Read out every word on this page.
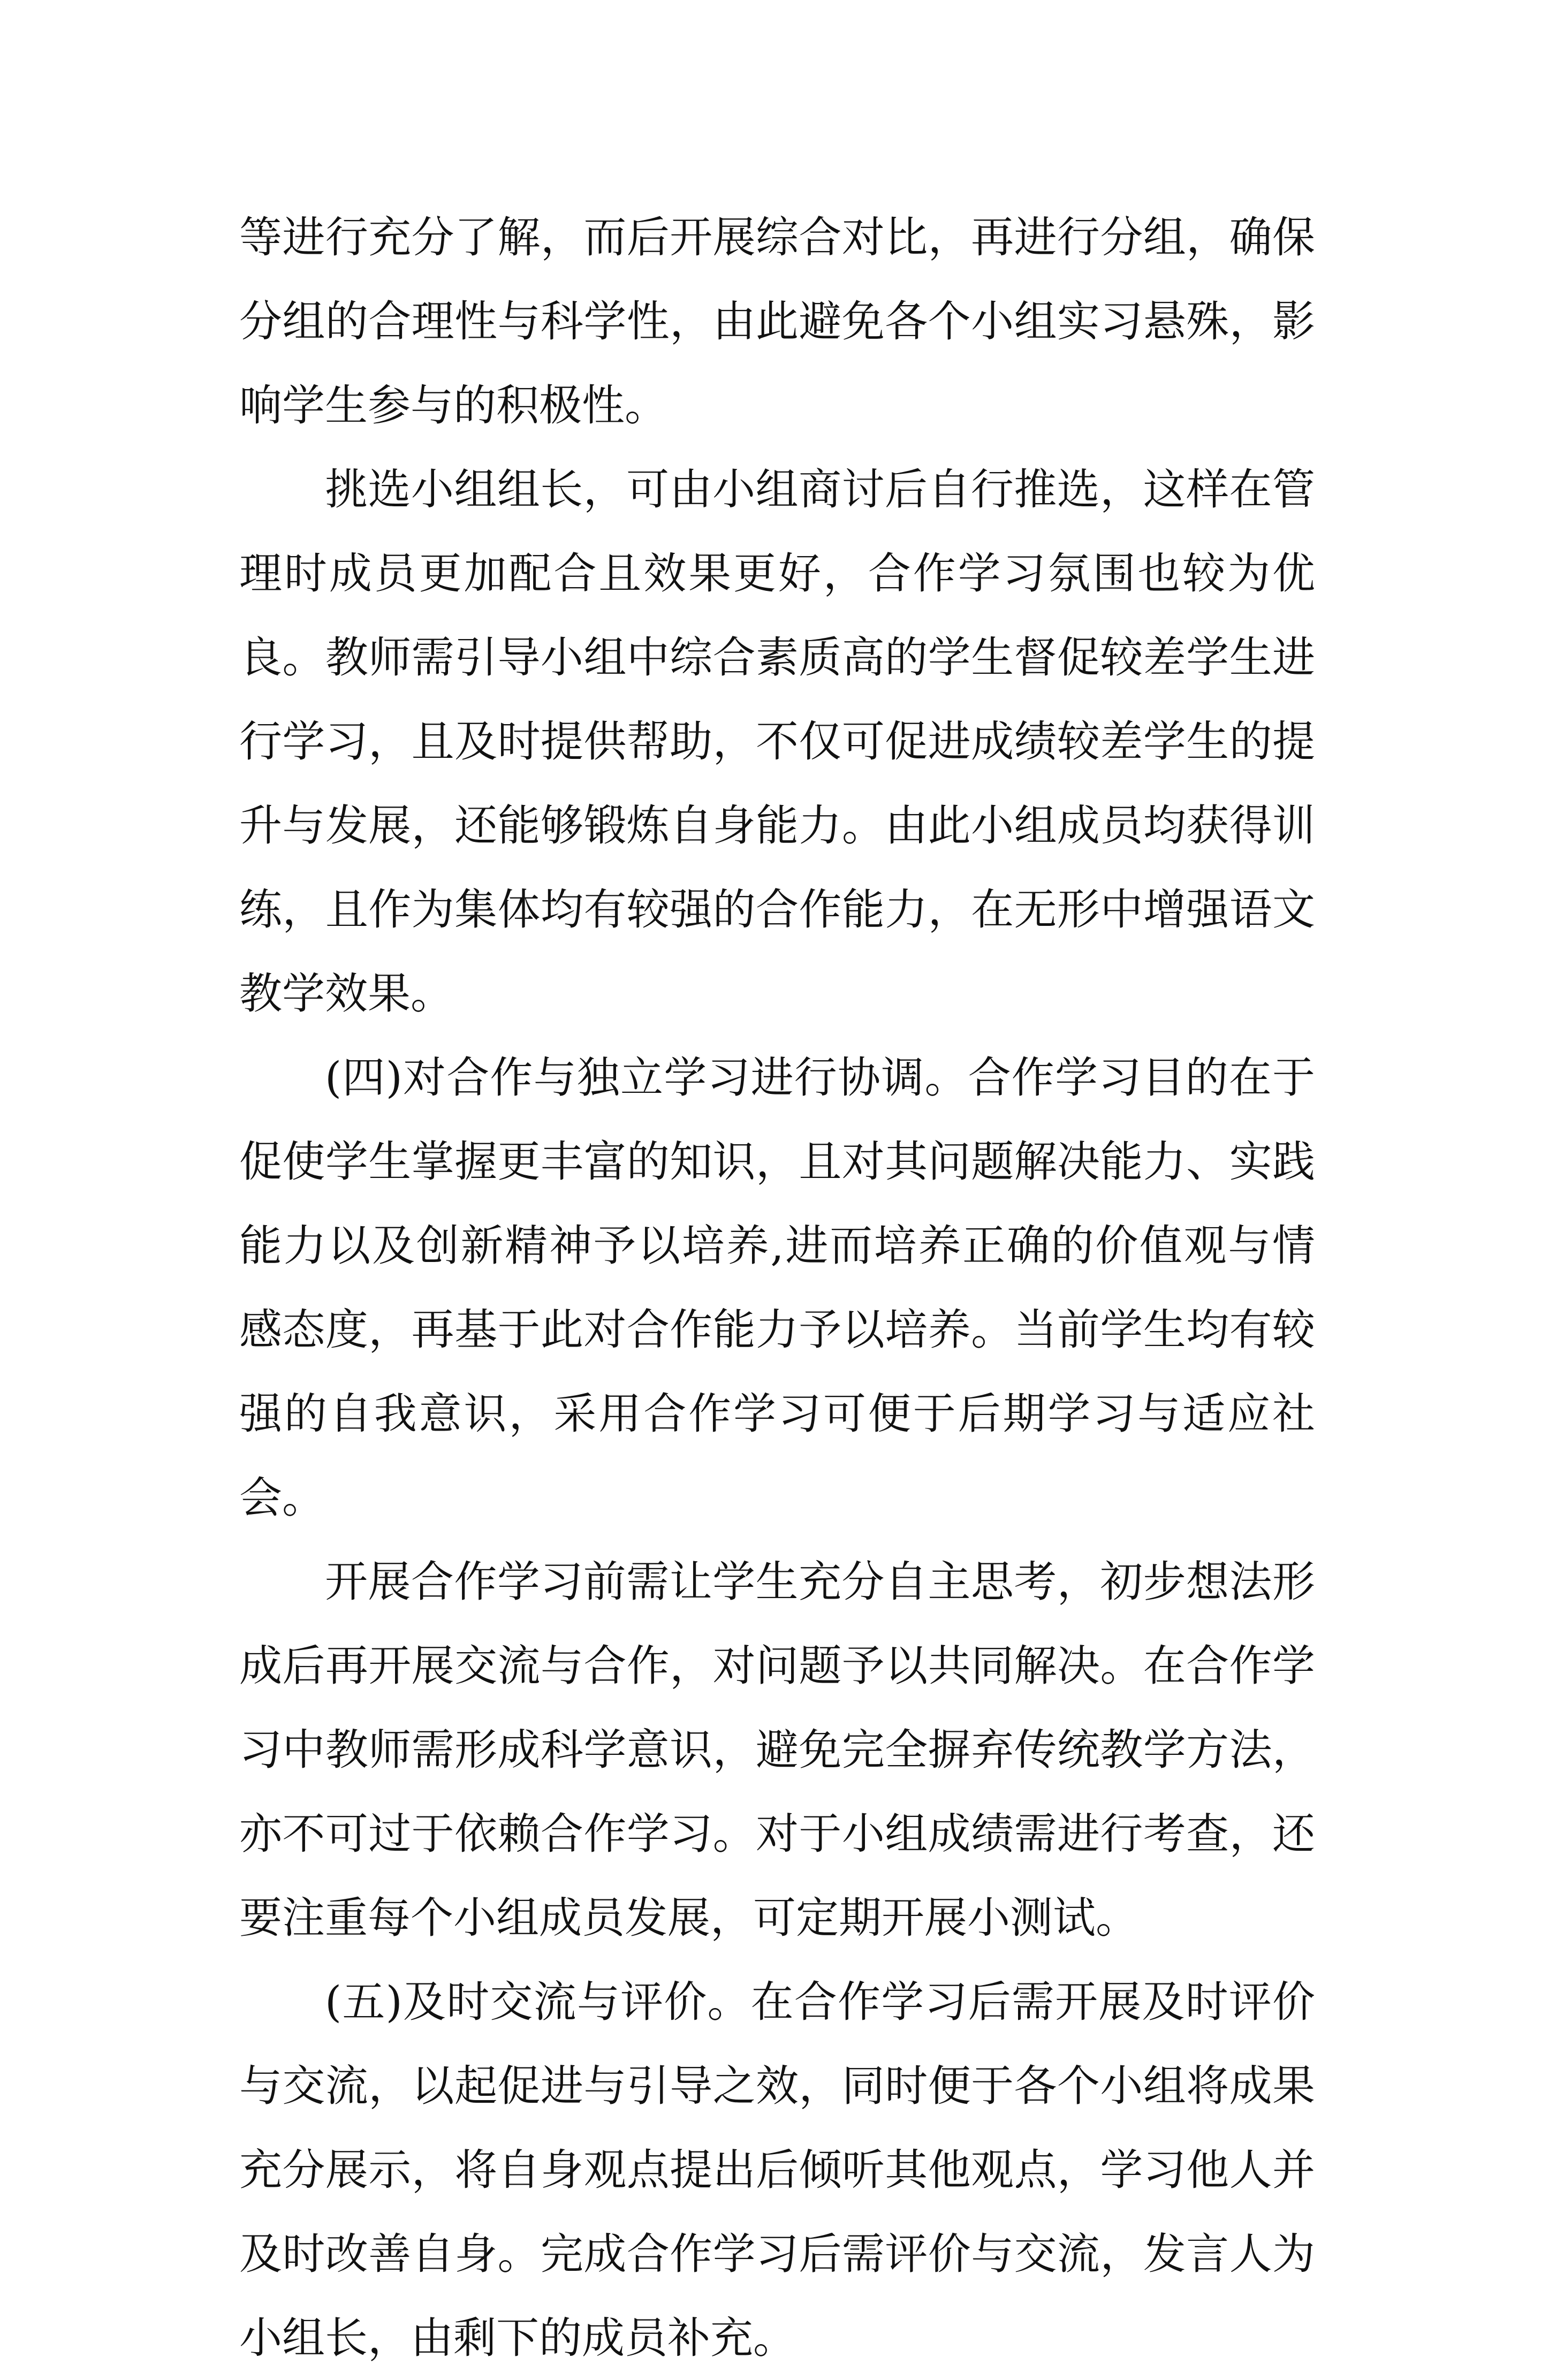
等进行充分了解，而后开展综合对比，再进行分组，确保分组的合理性与科学性，由此避免各个小组实习悬殊，影响学生参与的积极性。

挑选小组组长，可由小组商讨后自行推选，这样在管理时成员更加配合且效果更好，合作学习氛围也较为优良。教师需引导小组中综合素质高的学生督促较差学生进行学习，且及时提供帮助，不仅可促进成绩较差学生的提升与发展，还能够锻炼自身能力。由此小组成员均获得训练，且作为集体均有较强的合作能力，在无形中增强语文教学效果。

(四)对合作与独立学习进行协调。合作学习目的在于促使学生掌握更丰富的知识，且对其问题解决能力、实践能力以及创新精神予以培养,进而培养正确的价值观与情感态度，再基于此对合作能力予以培养。当前学生均有较强的自我意识，采用合作学习可便于后期学习与适应社会。

开展合作学习前需让学生充分自主思考，初步想法形成后再开展交流与合作，对问题予以共同解决。在合作学习中教师需形成科学意识，避免完全摒弃传统教学方法，亦不可过于依赖合作学习。对于小组成绩需进行考查，还要注重每个小组成员发展，可定期开展小测试。

(五)及时交流与评价。在合作学习后需开展及时评价与交流，以起促进与引导之效，同时便于各个小组将成果充分展示，将自身观点提出后倾听其他观点，学习他人并及时改善自身。完成合作学习后需评价与交流，发言人为小组长，由剩下的成员补充。
